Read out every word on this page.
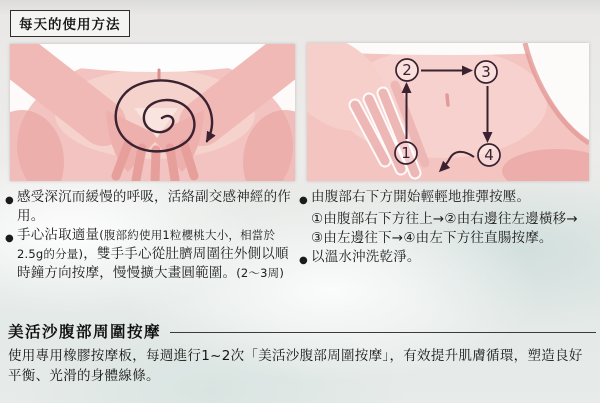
每天的使用方法
1
2	3
4
● 感受深沉而緩慢的呼吸，活絡副交感神經的作用。
● 手心沾取適量(腹部約使用1粒櫻桃大小，相當於2.5g的分量)，雙手手心從肚臍周圍往外側以順時鐘方向按摩，慢慢擴大畫圓範圍。(2～3周)
● 由腹部右下方開始輕輕地推彈按壓。
①由腹部右下方往上→②由右邊往左邊橫移→
③由左邊往下→④由左下方往直腸按摩。
● 以溫水沖洗乾淨。
美活沙腹部周圍按摩

使用專用橡膠按摩板，每週進行1~2次「美活沙腹部周圍按摩」，有效提升肌膚循環，塑造良好平衡、光滑的身體線條。
